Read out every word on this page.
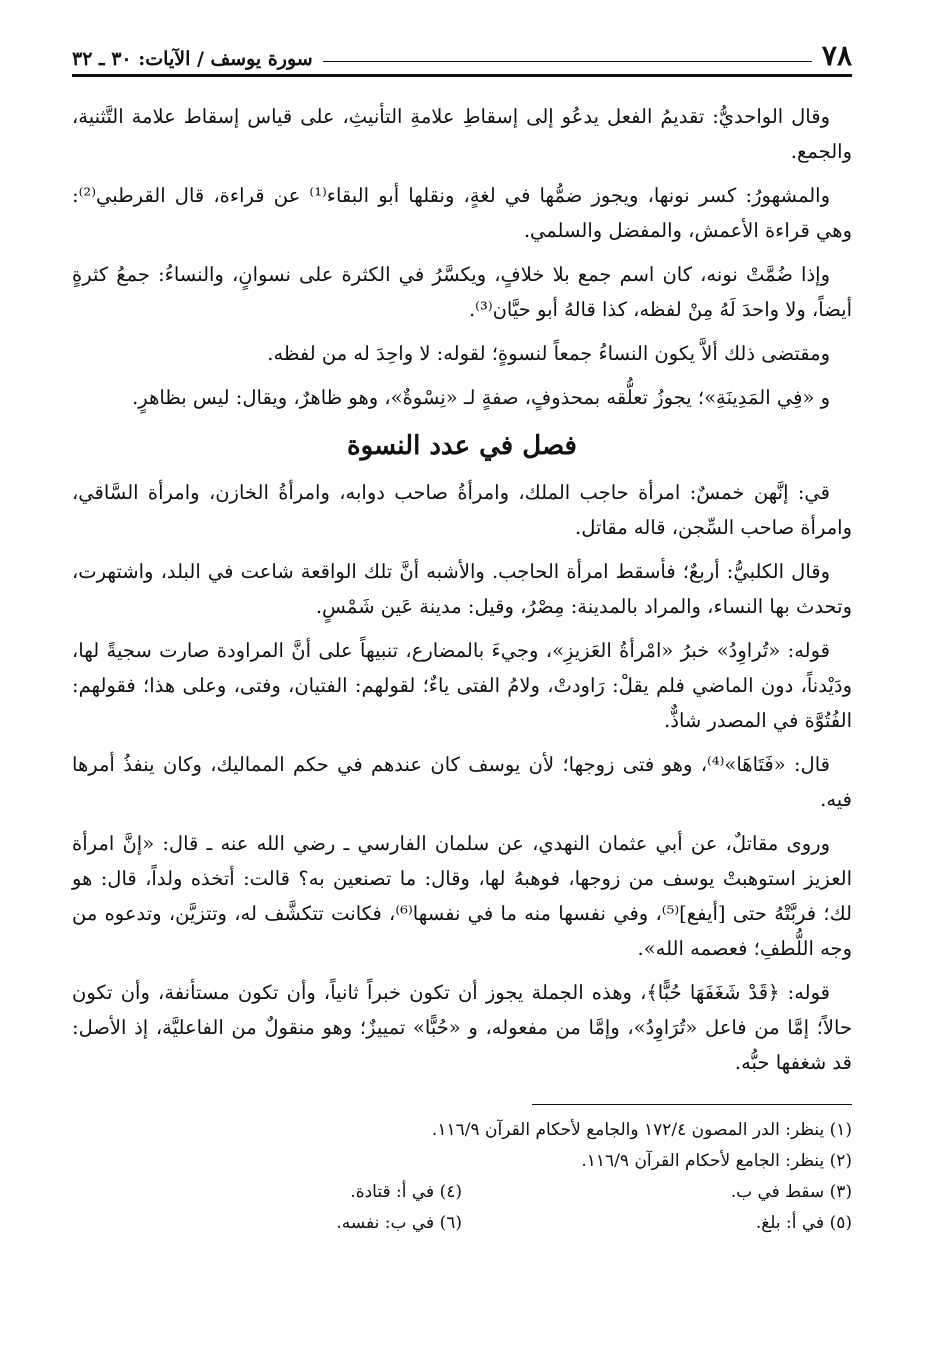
٧٨
سورة يوسف / الآيات: ٣٠ ـ ٣٢

وقال الواحديُّ: تقديمُ الفعل يدعُو إلى إسقاطِ علامةِ التأنيثِ، على قياس إسقاط علامة التَّثنية، والجمع.

والمشهورُ: كسر نونها، ويجوز ضمُّها في لغةٍ، ونقلها أبو البقاء⁽¹⁾ عن قراءة، قال القرطبي⁽²⁾: وهي قراءة الأعمش، والمفضل والسلمي.

وإذا ضُمَّتْ نونه، كان اسم جمع بلا خلافٍ، ويكسَّرُ في الكثرة على نسوانٍ، والنساءُ: جمعُ كثرةٍ أيضاً، ولا واحدَ لَهُ مِنْ لفظه، كذا قالهُ أبو حيَّان⁽³⁾.

ومقتضى ذلك ألاَّ يكون النساءُ جمعاً لنسوةٍ؛ لقوله: لا واحِدَ له من لفظه.

و «فِي المَدِينَةِ»؛ يجوزُ تعلُّقه بمحذوفٍ، صفةٍ لـ «نِسْوةٌ»، وهو ظاهرٌ، ويقال: ليس بظاهرٍ.

فصل في عدد النسوة

قي: إنَّهن خمسٌ: امرأة حاجب الملك، وامرأةُ صاحب دوابه، وامرأةُ الخازن، وامرأة السَّاقي، وامرأة صاحب السِّجن، قاله مقاتل.

وقال الكلبيُّ: أربعٌ؛ فأسقط امرأة الحاجب. والأشبه أنَّ تلك الواقعة شاعت في البلد، واشتهرت، وتحدث بها النساء، والمراد بالمدينة: مِصْرُ، وقيل: مدينة عَين شَمْسٍ.

قوله: «تُراوِدُ» خبرُ «امْرأةُ العَزيزِ»، وجيءَ بالمضارع، تنبيهاً على أنَّ المراودة صارت سجيةً لها، ودَيْدناً، دون الماضي فلم يقلْ: رَاودتْ، ولامُ الفتى ياءٌ؛ لقولهم: الفتيان، وفتى، وعلى هذا؛ فقولهم: الفُتُوَّة في المصدر شاذٌّ.

قال: «فَتَاهَا»⁽⁴⁾، وهو فتى زوجها؛ لأن يوسف كان عندهم في حكم المماليك، وكان ينفذُ أمرها فيه.

وروى مقاتلٌ، عن أبي عثمان النهدي، عن سلمان الفارسي ـ رضي الله عنه ـ قال: «إنَّ امرأة العزيز استوهبتْ يوسف من زوجها، فوهبهُ لها، وقال: ما تصنعين به؟ قالت: أتخذه ولداً، قال: هو لك؛ فربَّتْهُ حتى [أيفع]⁽⁵⁾، وفي نفسها منه ما في نفسها⁽⁶⁾، فكانت تتكشَّف له، وتتزيَّن، وتدعوه من وجه اللُّطفِ؛ فعصمه الله».

قوله: ﴿قَدْ شَغَفَهَا حُبًّا﴾، وهذه الجملة يجوز أن تكون خبراً ثانياً، وأن تكون مستأنفة، وأن تكون حالاً؛ إمَّا من فاعل «تُرَاوِدُ»، وإمَّا من مفعوله، و «حُبًّا» تمييزٌ؛ وهو منقولٌ من الفاعليَّة، إذ الأصل: قد شغفها حبُّه.

(١) ينظر: الدر المصون ١٧٢/٤ والجامع لأحكام القرآن ١١٦/٩.
(٢) ينظر: الجامع لأحكام القرآن ١١٦/٩.
(٣) سقط في ب.
(٤) في أ: قتادة.
(٥) في أ: بلغ.
(٦) في ب: نفسه.
